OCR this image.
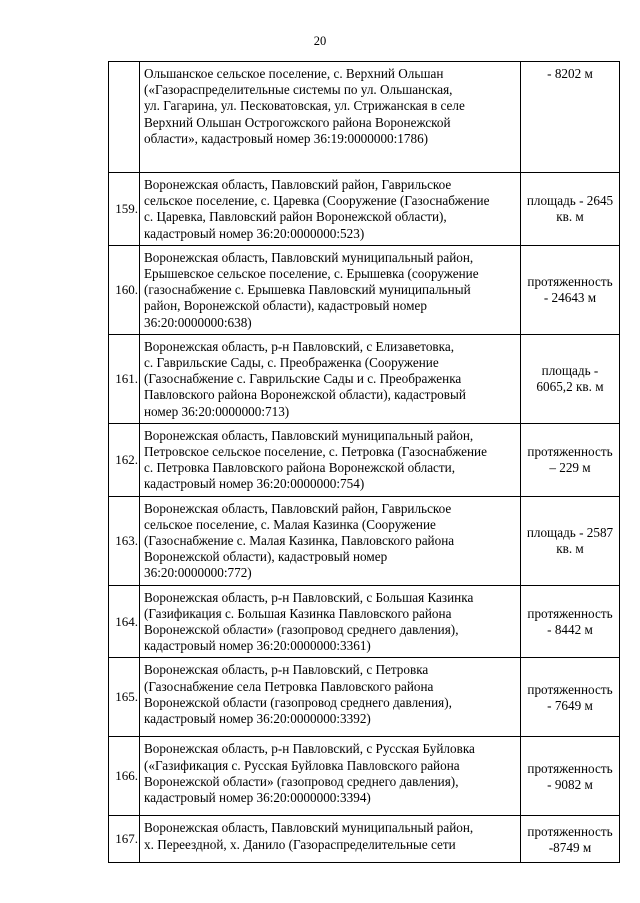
20

	Ольшанское сельское поселение, с. Верхний Ольшан
(«Газораспределительные системы по ул. Ольшанская,
ул. Гагарина, ул. Песковатовская, ул. Стрижанская в селе
Верхний Ольшан Острогожского района Воронежской
области», кадастровый номер 36:19:0000000:1786)	- 8202 м

159.	Воронежская область, Павловский район, Гаврильское
сельское поселение, с. Царевка (Сооружение (Газоснабжение
с. Царевка, Павловский район Воронежской области),
кадастровый номер 36:20:0000000:523)	площадь - 2645
кв. м

160.	Воронежская область, Павловский муниципальный район,
Ерышевское сельское поселение, с. Ерышевка (сооружение
(газоснабжение с. Ерышевка Павловский муниципальный
район, Воронежской области), кадастровый номер
36:20:0000000:638)	протяженность
- 24643 м

161.	Воронежская область, р-н Павловский, с Елизаветовка,
с. Гаврильские Сады, с. Преображенка (Сооружение
(Газоснабжение с. Гаврильские Сады и с. Преображенка
Павловского района Воронежской области), кадастровый
номер 36:20:0000000:713)	площадь -
6065,2 кв. м

162.	Воронежская область, Павловский муниципальный район,
Петровское сельское поселение, с. Петровка (Газоснабжение
с. Петровка Павловского района Воронежской области,
кадастровый номер 36:20:0000000:754)	протяженность
– 229 м

163.	Воронежская область, Павловский район, Гаврильское
сельское поселение, с. Малая Казинка (Сооружение
(Газоснабжение с. Малая Казинка, Павловского района
Воронежской области), кадастровый номер
36:20:0000000:772)	площадь - 2587
кв. м

164.	Воронежская область, р-н Павловский, с Большая Казинка
(Газификация с. Большая Казинка Павловского района
Воронежской области» (газопровод среднего давления),
кадастровый номер 36:20:0000000:3361)	протяженность
- 8442 м

165.	Воронежская область, р-н Павловский, с Петровка
(Газоснабжение села Петровка Павловского района
Воронежской области (газопровод среднего давления),
кадастровый номер 36:20:0000000:3392)	протяженность
- 7649 м

166.	Воронежская область, р-н Павловский, с Русская Буйловка
(«Газификация с. Русская Буйловка Павловского района
Воронежской области» (газопровод среднего давления),
кадастровый номер 36:20:0000000:3394)	протяженность
- 9082 м

167.	Воронежская область, Павловский муниципальный район,
х. Переездной, х. Данило (Газораспределительные сети	протяженность
-8749 м
